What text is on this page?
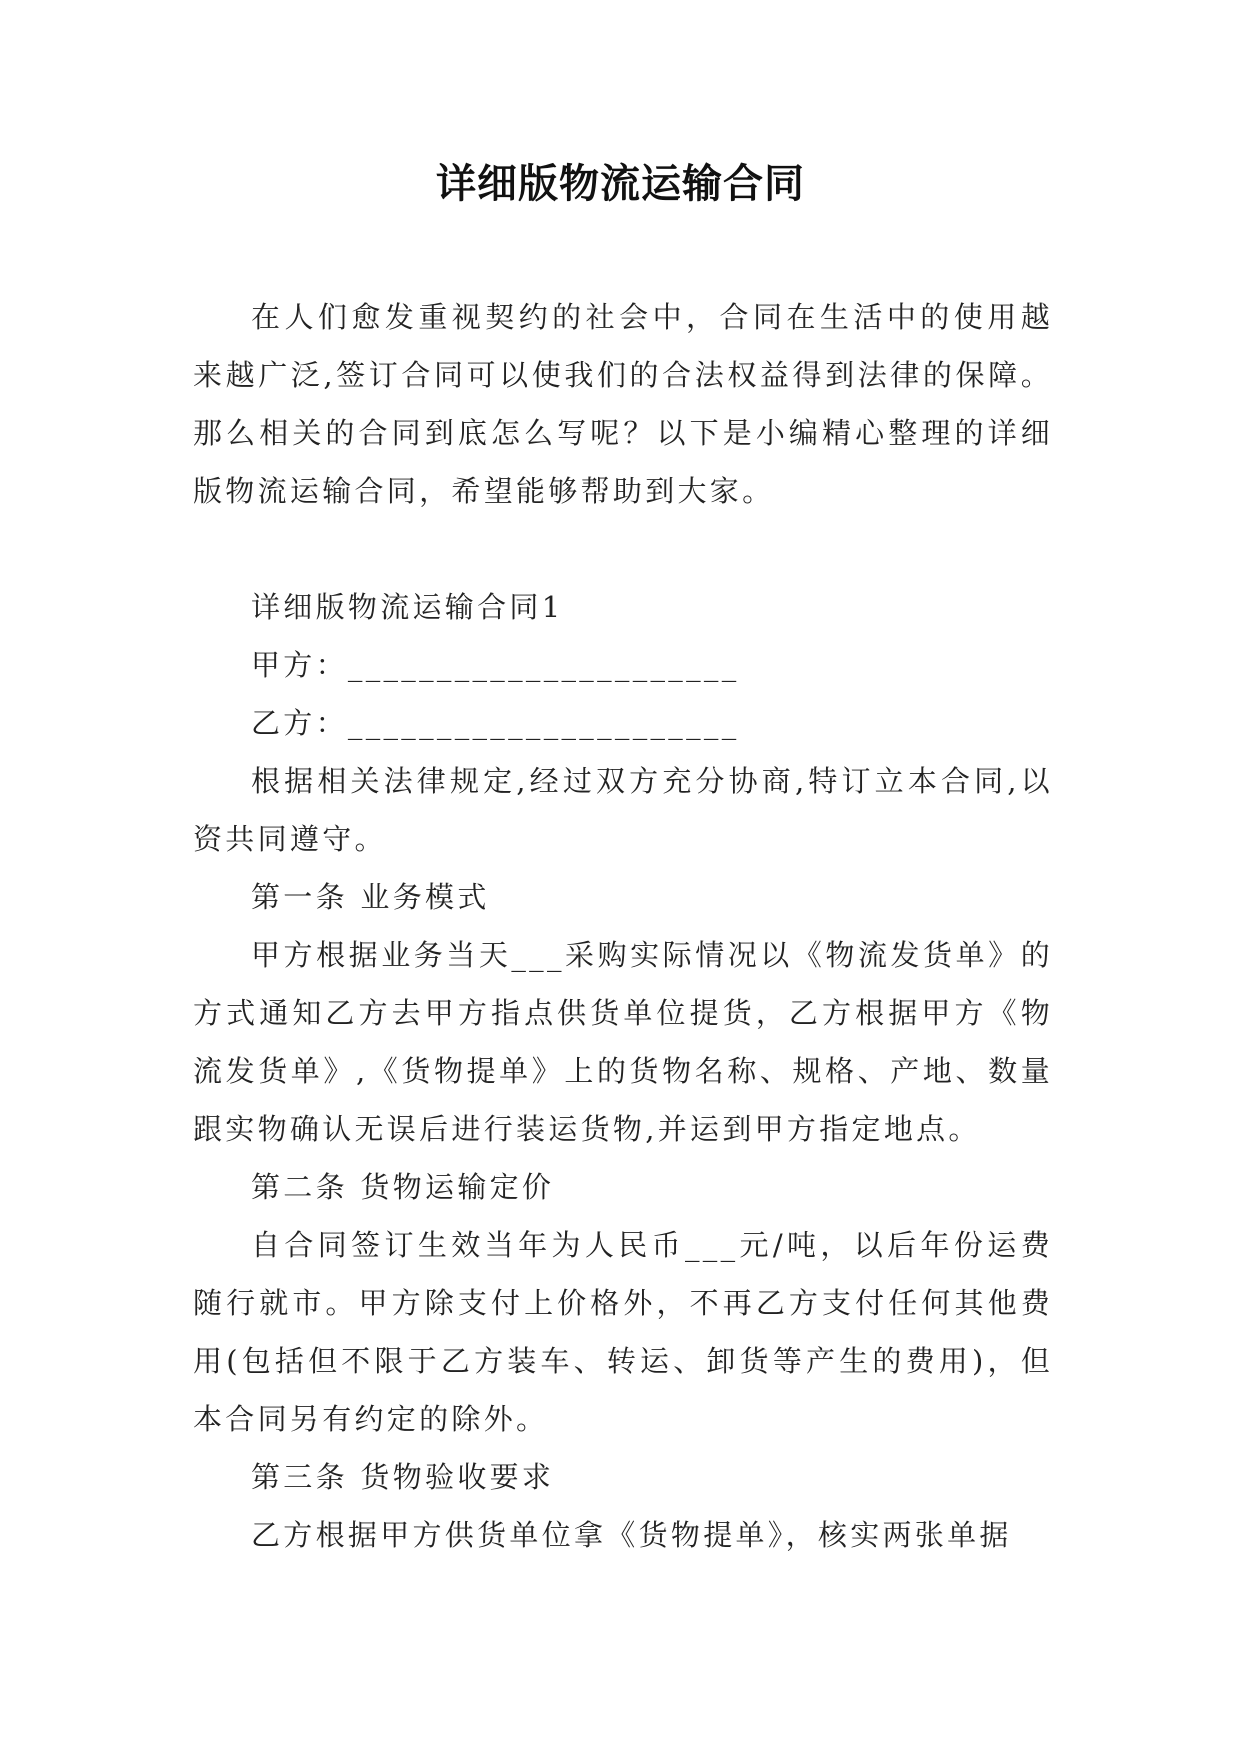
详细版物流运输合同

在人们愈发重视契约的社会中，合同在生活中的使用越来越广泛,签订合同可以使我们的合法权益得到法律的保障。那么相关的合同到底怎么写呢？以下是小编精心整理的详细版物流运输合同，希望能够帮助到大家。

详细版物流运输合同1

甲方：______________________

乙方：______________________

根据相关法律规定,经过双方充分协商,特订立本合同,以资共同遵守。

第一条 业务模式

甲方根据业务当天___采购实际情况以《物流发货单》的方式通知乙方去甲方指点供货单位提货，乙方根据甲方《物流发货单》,《货物提单》上的货物名称、规格、产地、数量跟实物确认无误后进行装运货物,并运到甲方指定地点。

第二条 货物运输定价

自合同签订生效当年为人民币___元/吨，以后年份运费随行就市。甲方除支付上价格外，不再乙方支付任何其他费用(包括但不限于乙方装车、转运、卸货等产生的费用)，但本合同另有约定的除外。

第三条 货物验收要求

乙方根据甲方供货单位拿《货物提单》，核实两张单据
